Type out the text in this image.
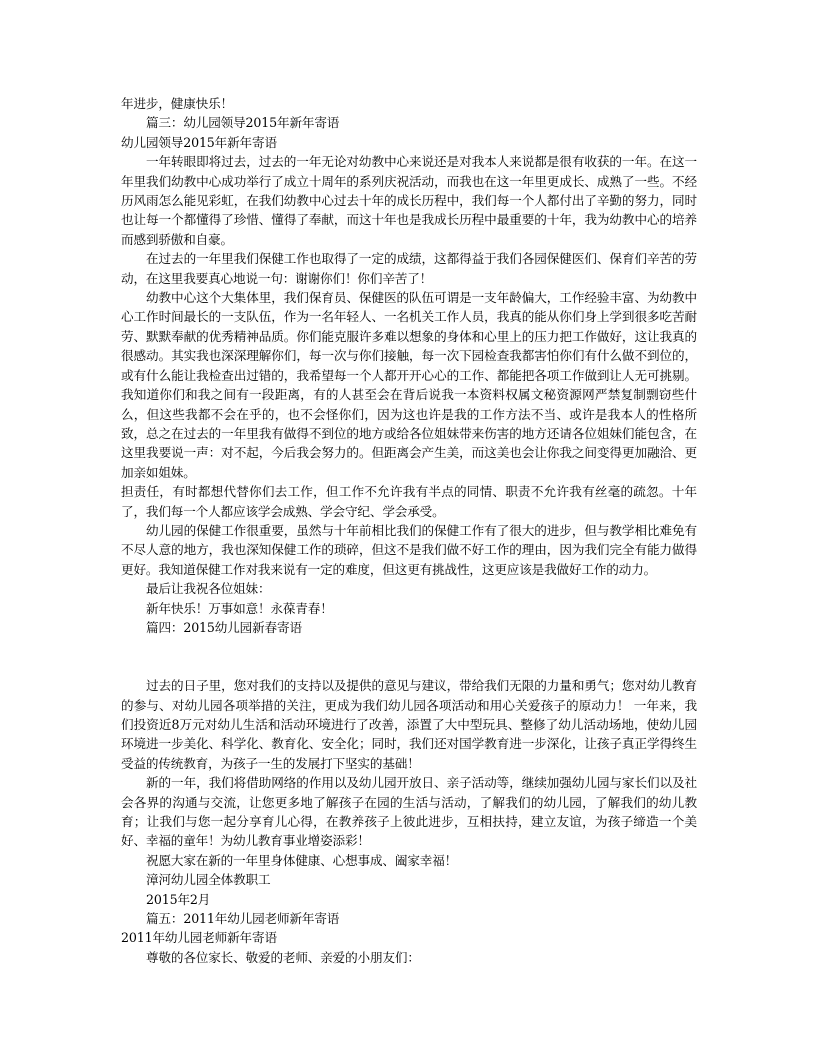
年进步，健康快乐！

篇三：幼儿园领导2015年新年寄语

幼儿园领导2015年新年寄语

一年转眼即将过去，过去的一年无论对幼教中心来说还是对我本人来说都是很有收获的一年。在这一年里我们幼教中心成功举行了成立十周年的系列庆祝活动，而我也在这一年里更成长、成熟了一些。不经历风雨怎么能见彩虹，在我们幼教中心过去十年的成长历程中，我们每一个人都付出了辛勤的努力，同时也让每一个都懂得了珍惜、懂得了奉献，而这十年也是我成长历程中最重要的十年，我为幼教中心的培养而感到骄傲和自豪。

在过去的一年里我们保健工作也取得了一定的成绩，这都得益于我们各园保健医们、保育们辛苦的劳动，在这里我要真心地说一句：谢谢你们！你们辛苦了！

幼教中心这个大集体里，我们保育员、保健医的队伍可谓是一支年龄偏大，工作经验丰富、为幼教中心工作时间最长的一支队伍，作为一名年轻人、一名机关工作人员，我真的能从你们身上学到很多吃苦耐劳、默默奉献的优秀精神品质。你们能克服许多难以想象的身体和心里上的压力把工作做好，这让我真的很感动。其实我也深深理解你们，每一次与你们接触，每一次下园检查我都害怕你们有什么做不到位的，或有什么能让我检查出过错的，我希望每一个人都开开心心的工作、都能把各项工作做到让人无可挑剔。我知道你们和我之间有一段距离，有的人甚至会在背后说我一本资料权属文秘资源网严禁复制剽窃些什么，但这些我都不会在乎的，也不会怪你们，因为这也许是我的工作方法不当、或许是我本人的性格所致，总之在过去的一年里我有做得不到位的地方或给各位姐妹带来伤害的地方还请各位姐妹们能包含，在这里我要说一声：对不起，今后我会努力的。但距离会产生美，而这美也会让你我之间变得更加融洽、更加亲如姐妹。

担责任，有时都想代替你们去工作，但工作不允许我有半点的同情、职责不允许我有丝毫的疏忽。十年了，我们每一个人都应该学会成熟、学会守纪、学会承受。

幼儿园的保健工作很重要，虽然与十年前相比我们的保健工作有了很大的进步，但与教学相比难免有不尽人意的地方，我也深知保健工作的琐碎，但这不是我们做不好工作的理由，因为我们完全有能力做得更好。我知道保健工作对我来说有一定的难度，但这更有挑战性，这更应该是我做好工作的动力。

最后让我祝各位姐妹：

新年快乐！万事如意！永葆青春！

篇四：2015幼儿园新春寄语

过去的日子里，您对我们的支持以及提供的意见与建议，带给我们无限的力量和勇气；您对幼儿教育的参与、对幼儿园各项举措的关注，更成为我们幼儿园各项活动和用心关爱孩子的原动力！ 一年来，我们投资近8万元对幼儿生活和活动环境进行了改善，添置了大中型玩具、整修了幼儿活动场地，使幼儿园环境进一步美化、科学化、教育化、安全化；同时，我们还对国学教育进一步深化，让孩子真正学得终生受益的传统教育，为孩子一生的发展打下坚实的基础！

新的一年，我们将借助网络的作用以及幼儿园开放日、亲子活动等，继续加强幼儿园与家长们以及社会各界的沟通与交流，让您更多地了解孩子在园的生活与活动，了解我们的幼儿园，了解我们的幼儿教育；让我们与您一起分享育儿心得，在教养孩子上彼此进步，互相扶持，建立友谊，为孩子缔造一个美好、幸福的童年！为幼儿教育事业增姿添彩！

祝愿大家在新的一年里身体健康、心想事成、阖家幸福！

漳河幼儿园全体教职工

2015年2月

篇五：2011年幼儿园老师新年寄语

2011年幼儿园老师新年寄语

尊敬的各位家长、敬爱的老师、亲爱的小朋友们：
